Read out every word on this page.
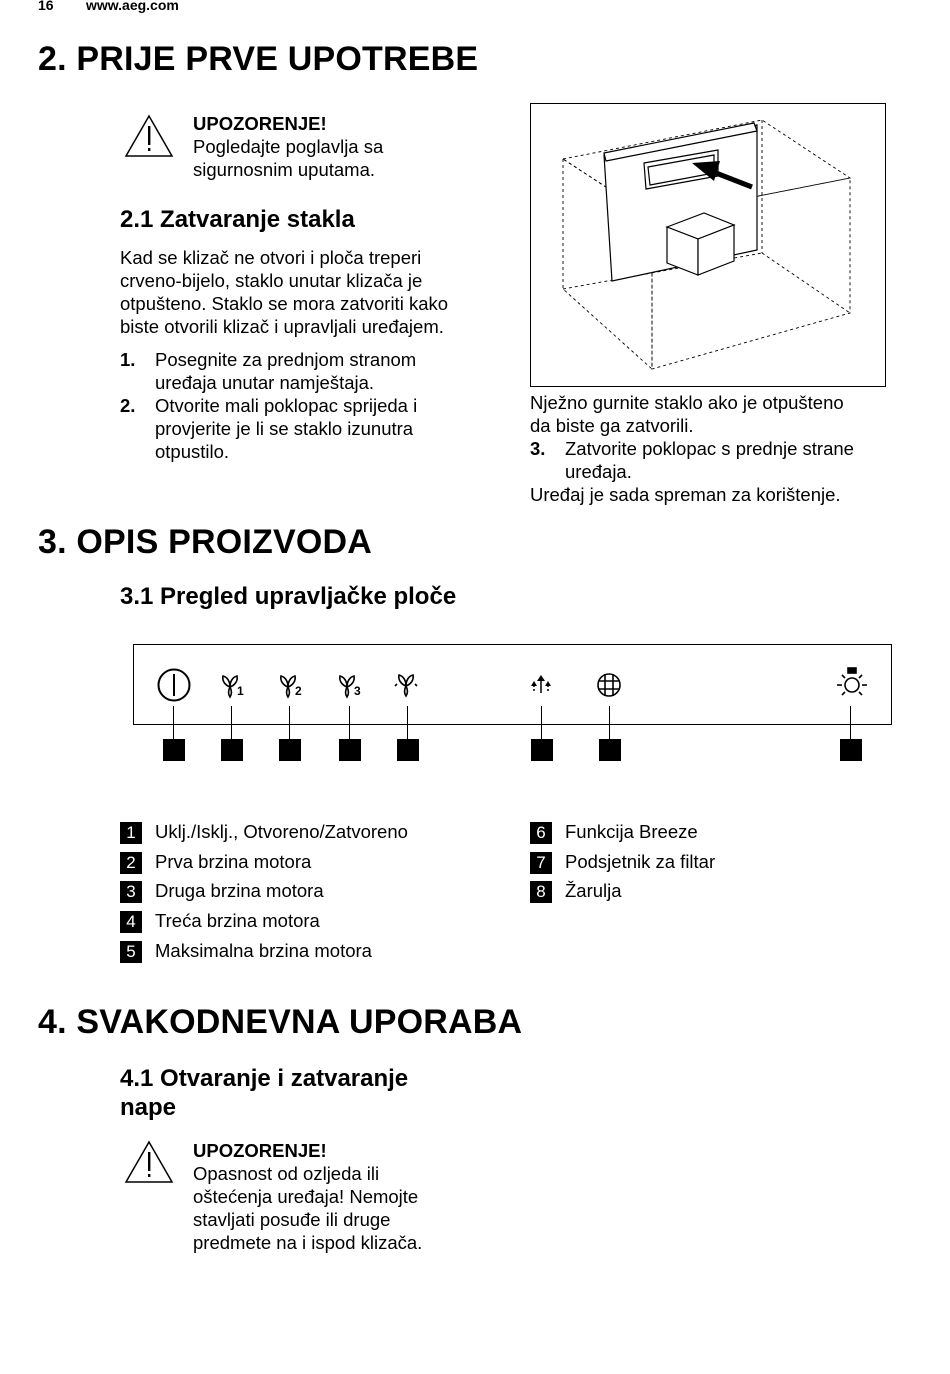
16 www.aeg.com
2. PRIJE PRVE UPOTREBE
UPOZORENJE!
Pogledajte poglavlja sa
sigurnosnim uputama.
2.1 Zatvaranje stakla
Kad se klizač ne otvori i ploča treperi
crveno-bijelo, staklo unutar klizača je
otpušteno. Staklo se mora zatvoriti kako
biste otvorili klizač i upravljali uređajem.
1. Posegnite za prednjom stranom
uređaja unutar namještaja.
2. Otvorite mali poklopac sprijeda i
provjerite je li se staklo izunutra
otpustilo.
Nježno gurnite staklo ako je otpušteno
da biste ga zatvorili.
3. Zatvorite poklopac s prednje strane
uređaja.
Uređaj je sada spreman za korištenje.
3. OPIS PROIZVODA
3.1 Pregled upravljačke ploče
1	2	3
1 Uklj./Isklj., Otvoreno/Zatvoreno
2 Prva brzina motora
3 Druga brzina motora
4 Treća brzina motora
5 Maksimalna brzina motora
6 Funkcija Breeze
7 Podsjetnik za filtar
8 Žarulja
4. SVAKODNEVNA UPORABA
4.1 Otvaranje i zatvaranje
nape
UPOZORENJE!
Opasnost od ozljeda ili
oštećenja uređaja! Nemojte
stavljati posuđe ili druge
predmete na i ispod klizača.
